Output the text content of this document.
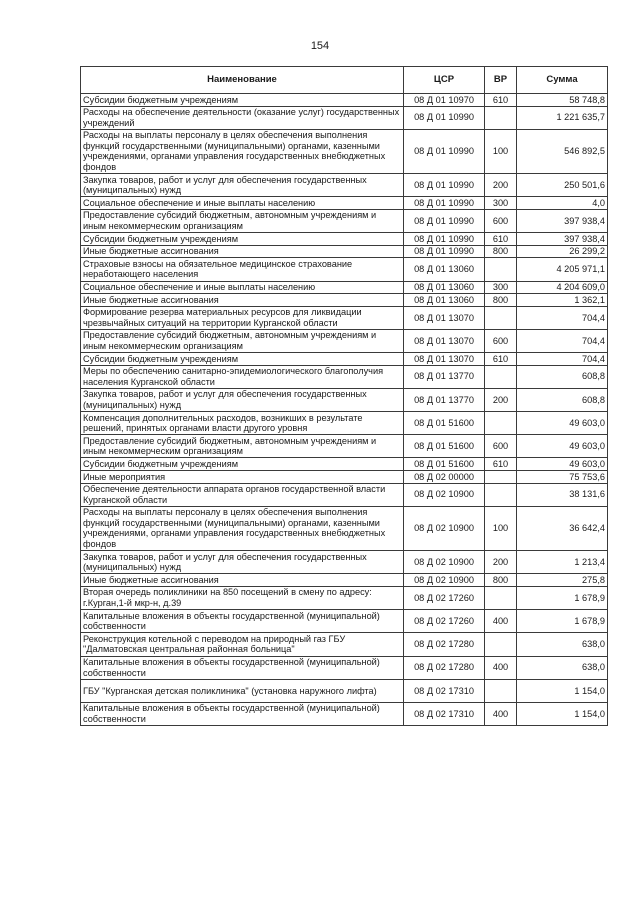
154
Наименование	ЦСР	ВР	Сумма
Субсидии бюджетным учреждениям	08 Д 01 10970	610	58 748,8
Расходы на обеспечение деятельности (оказание услуг) государственных учреждений	08 Д 01 10990		1 221 635,7
Расходы на выплаты персоналу в целях обеспечения выполнения функций государственными (муниципальными) органами, казенными учреждениями, органами управления государственных внебюджетных фондов	08 Д 01 10990	100	546 892,5
Закупка товаров, работ и услуг для обеспечения государственных (муниципальных) нужд	08 Д 01 10990	200	250 501,6
Социальное обеспечение и иные выплаты населению	08 Д 01 10990	300	4,0
Предоставление субсидий бюджетным, автономным учреждениям и иным некоммерческим организациям	08 Д 01 10990	600	397 938,4
Субсидии бюджетным учреждениям	08 Д 01 10990	610	397 938,4
Иные бюджетные ассигнования	08 Д 01 10990	800	26 299,2
Страховые взносы на обязательное медицинское страхование неработающего населения	08 Д 01 13060		4 205 971,1
Социальное обеспечение и иные выплаты населению	08 Д 01 13060	300	4 204 609,0
Иные бюджетные ассигнования	08 Д 01 13060	800	1 362,1
Формирование резерва материальных ресурсов для ликвидации чрезвычайных ситуаций на территории Курганской области	08 Д 01 13070		704,4
Предоставление субсидий бюджетным, автономным учреждениям и иным некоммерческим организациям	08 Д 01 13070	600	704,4
Субсидии бюджетным учреждениям	08 Д 01 13070	610	704,4
Меры по обеспечению санитарно-эпидемиологического благополучия населения Курганской области	08 Д 01 13770		608,8
Закупка товаров, работ и услуг для обеспечения государственных (муниципальных) нужд	08 Д 01 13770	200	608,8
Компенсация дополнительных расходов, возникших в результате решений, принятых органами власти другого уровня	08 Д 01 51600		49 603,0
Предоставление субсидий бюджетным, автономным учреждениям и иным некоммерческим организациям	08 Д 01 51600	600	49 603,0
Субсидии бюджетным учреждениям	08 Д 01 51600	610	49 603,0
Иные мероприятия	08 Д 02 00000		75 753,6
Обеспечение деятельности аппарата органов государственной власти Курганской области	08 Д 02 10900		38 131,6
Расходы на выплаты персоналу в целях обеспечения выполнения функций государственными (муниципальными) органами, казенными учреждениями, органами управления государственных внебюджетных фондов	08 Д 02 10900	100	36 642,4
Закупка товаров, работ и услуг для обеспечения государственных (муниципальных) нужд	08 Д 02 10900	200	1 213,4
Иные бюджетные ассигнования	08 Д 02 10900	800	275,8
Вторая очередь поликлиники на 850 посещений в смену по адресу: г.Курган,1-й мкр-н, д.39	08 Д 02 17260		1 678,9
Капитальные вложения в объекты государственной (муниципальной) собственности	08 Д 02 17260	400	1 678,9
Реконструкция котельной с переводом на природный газ ГБУ "Далматовская центральная районная больница"	08 Д 02 17280		638,0
Капитальные вложения в объекты государственной (муниципальной) собственности	08 Д 02 17280	400	638,0
ГБУ "Курганская детская поликлиника" (установка наружного лифта)	08 Д 02 17310		1 154,0
Капитальные вложения в объекты государственной (муниципальной) собственности	08 Д 02 17310	400	1 154,0
